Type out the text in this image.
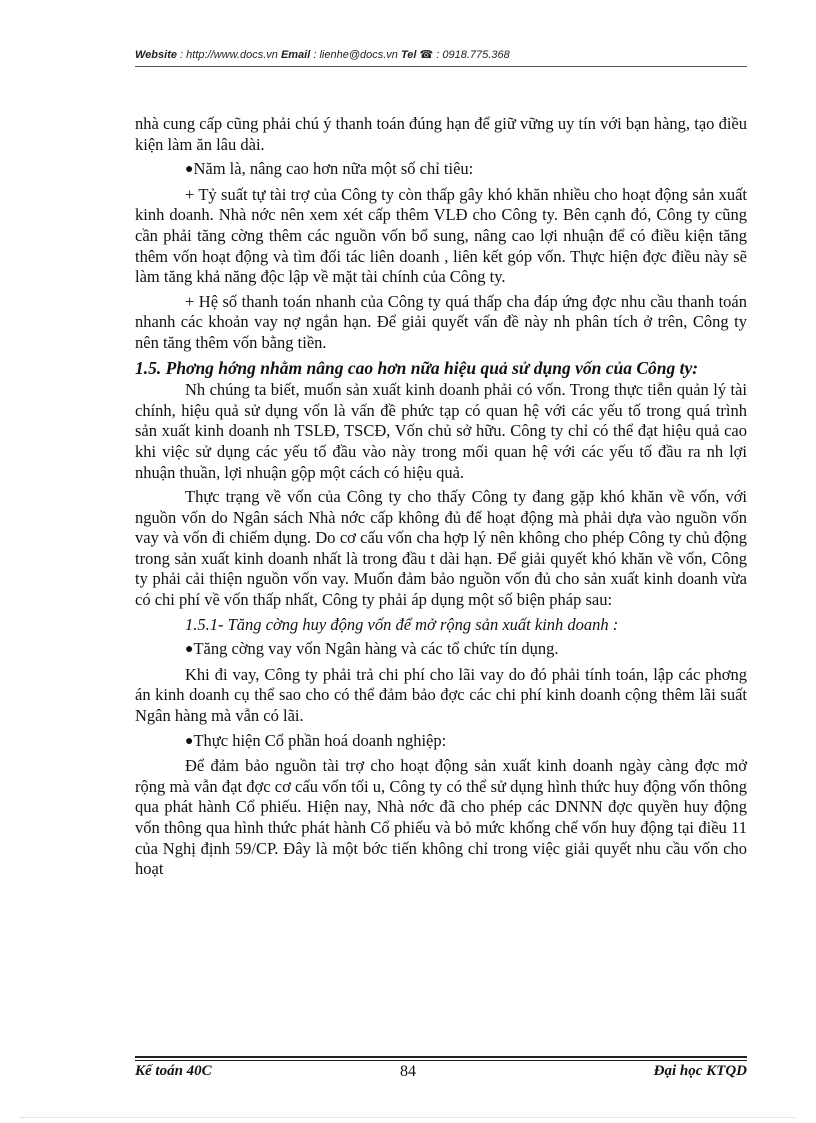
Website : http://www.docs.vn Email : lienhe@docs.vn Tel ☎ : 0918.775.368

nhà cung cấp cũng phải chú ý thanh toán đúng hạn để giữ vững uy tín với bạn hàng, tạo điều kiện làm ăn lâu dài.

●Năm là, nâng cao hơn nữa một số chỉ tiêu:

+ Tỷ suất tự tài trợ của Công ty còn thấp gây khó khăn nhiều cho hoạt động sản xuất kinh doanh. Nhà nớc nên xem xét cấp thêm VLĐ cho Công ty. Bên cạnh đó, Công ty cũng cần phải tăng cờng thêm các nguồn vốn bổ sung, nâng cao lợi nhuận để có điều kiện tăng thêm vốn hoạt động và tìm đối tác liên doanh , liên kết góp vốn. Thực hiện đợc điều này sẽ làm tăng khả năng độc lập về mặt tài chính của Công ty.

+ Hệ số thanh toán nhanh của Công ty quá thấp cha đáp ứng đợc nhu cầu thanh toán nhanh các khoản vay nợ ngắn hạn. Để giải quyết vấn đề này nh phân tích ở trên, Công ty nên tăng thêm vốn bằng tiền.

1.5. Phơng hớng nhằm nâng cao hơn nữa hiệu quả sử dụng vốn của Công ty:

Nh chúng ta biết, muốn sản xuất kinh doanh phải có vốn. Trong thực tiễn quản lý tài chính, hiệu quả sử dụng vốn là vấn đề phức tạp có quan hệ với các yếu tố trong quá trình sản xuất kinh doanh nh TSLĐ, TSCĐ, Vốn chủ sở hữu. Công ty chỉ có thể đạt hiệu quả cao khi việc sử dụng các yếu tố đầu vào này trong mối quan hệ với các yếu tố đầu ra nh lợi nhuận thuần, lợi nhuận gộp một cách có hiệu quả.

Thực trạng về vốn của Công ty cho thấy Công ty đang gặp khó khăn về vốn, với nguồn vốn do Ngân sách Nhà nớc cấp không đủ để hoạt động mà phải dựa vào nguồn vốn vay và vốn đi chiếm dụng. Do cơ cấu vốn cha hợp lý nên không cho phép Công ty chủ động trong sản xuất kinh doanh nhất là trong đầu t dài hạn. Để giải quyết khó khăn về vốn, Công ty phải cải thiện nguồn vốn vay. Muốn đảm bảo nguồn vốn đủ cho sản xuất kinh doanh vừa có chi phí về vốn thấp nhất, Công ty phải áp dụng một số biện pháp sau:

1.5.1- Tăng cờng huy động vốn để mở rộng sản xuất kinh doanh :

●Tăng cờng vay vốn Ngân hàng và các tổ chức tín dụng.

Khi đi vay, Công ty phải trả chi phí cho lãi vay do đó phải tính toán, lập các phơng án kinh doanh cụ thể sao cho có thể đảm bảo đợc các chi phí kinh doanh cộng thêm lãi suất Ngân hàng mà vẫn có lãi.

●Thực hiện Cổ phần hoá doanh nghiệp:

Để đảm bảo nguồn tài trợ cho hoạt động sản xuất kinh doanh ngày càng đợc mở rộng mà vẫn đạt đợc cơ cấu vốn tối u, Công ty có thể sử dụng hình thức huy động vốn thông qua phát hành Cổ phiếu. Hiện nay, Nhà nớc đã cho phép các DNNN đợc quyền huy động vốn thông qua hình thức phát hành Cổ phiếu và bỏ mức khống chế vốn huy động tại điều 11 của Nghị định 59/CP. Đây là một bớc tiến không chỉ trong việc giải quyết nhu cầu vốn cho hoạt

Kế toán 40C	84	Đại học KTQD
